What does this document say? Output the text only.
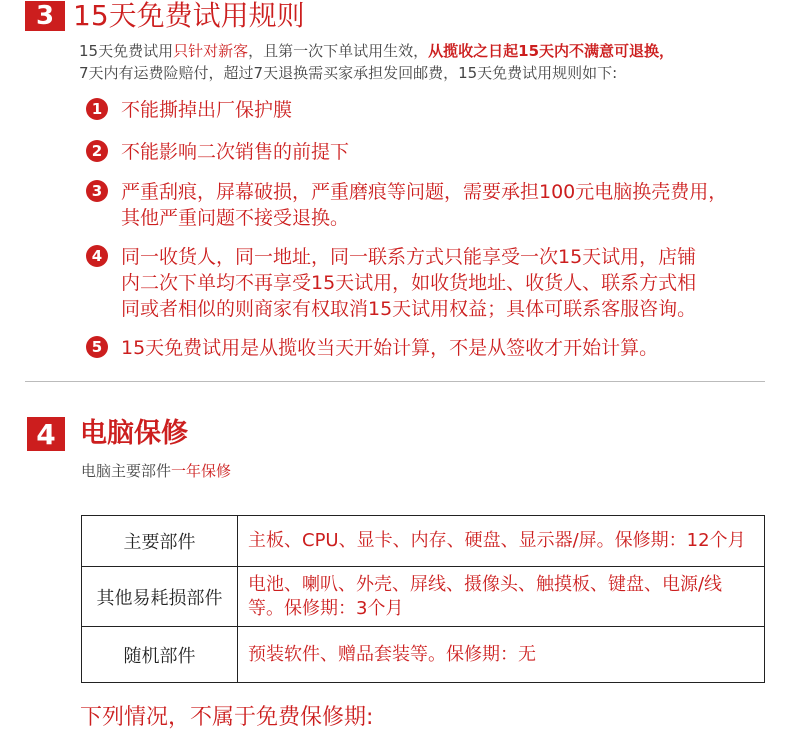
3 15天免费试用规则
15天免费试用只针对新客，且第一次下单试用生效，从揽收之日起15天内不满意可退换，
7天内有运费险赔付，超过7天退换需买家承担发回邮费，15天免费试用规则如下:
1 不能撕掉出厂保护膜
2 不能影响二次销售的前提下
3 严重刮痕，屏幕破损，严重磨痕等问题，需要承担100元电脑换壳费用，
其他严重问题不接受退换。
4 同一收货人，同一地址，同一联系方式只能享受一次15天试用，店铺
内二次下单均不再享受15天试用，如收货地址、收货人、联系方式相
同或者相似的则商家有权取消15天试用权益；具体可联系客服咨询。
5 15天免费试用是从揽收当天开始计算，不是从签收才开始计算。
4 电脑保修
电脑主要部件一年保修
主要部件	主板、CPU、显卡、内存、硬盘、显示器/屏。保修期：12个月
其他易耗损部件	电池、喇叭、外壳、屏线、摄像头、触摸板、键盘、电源/线等。保修期：3个月
随机部件	预装软件、赠品套装等。保修期：无
下列情况，不属于免费保修期:
